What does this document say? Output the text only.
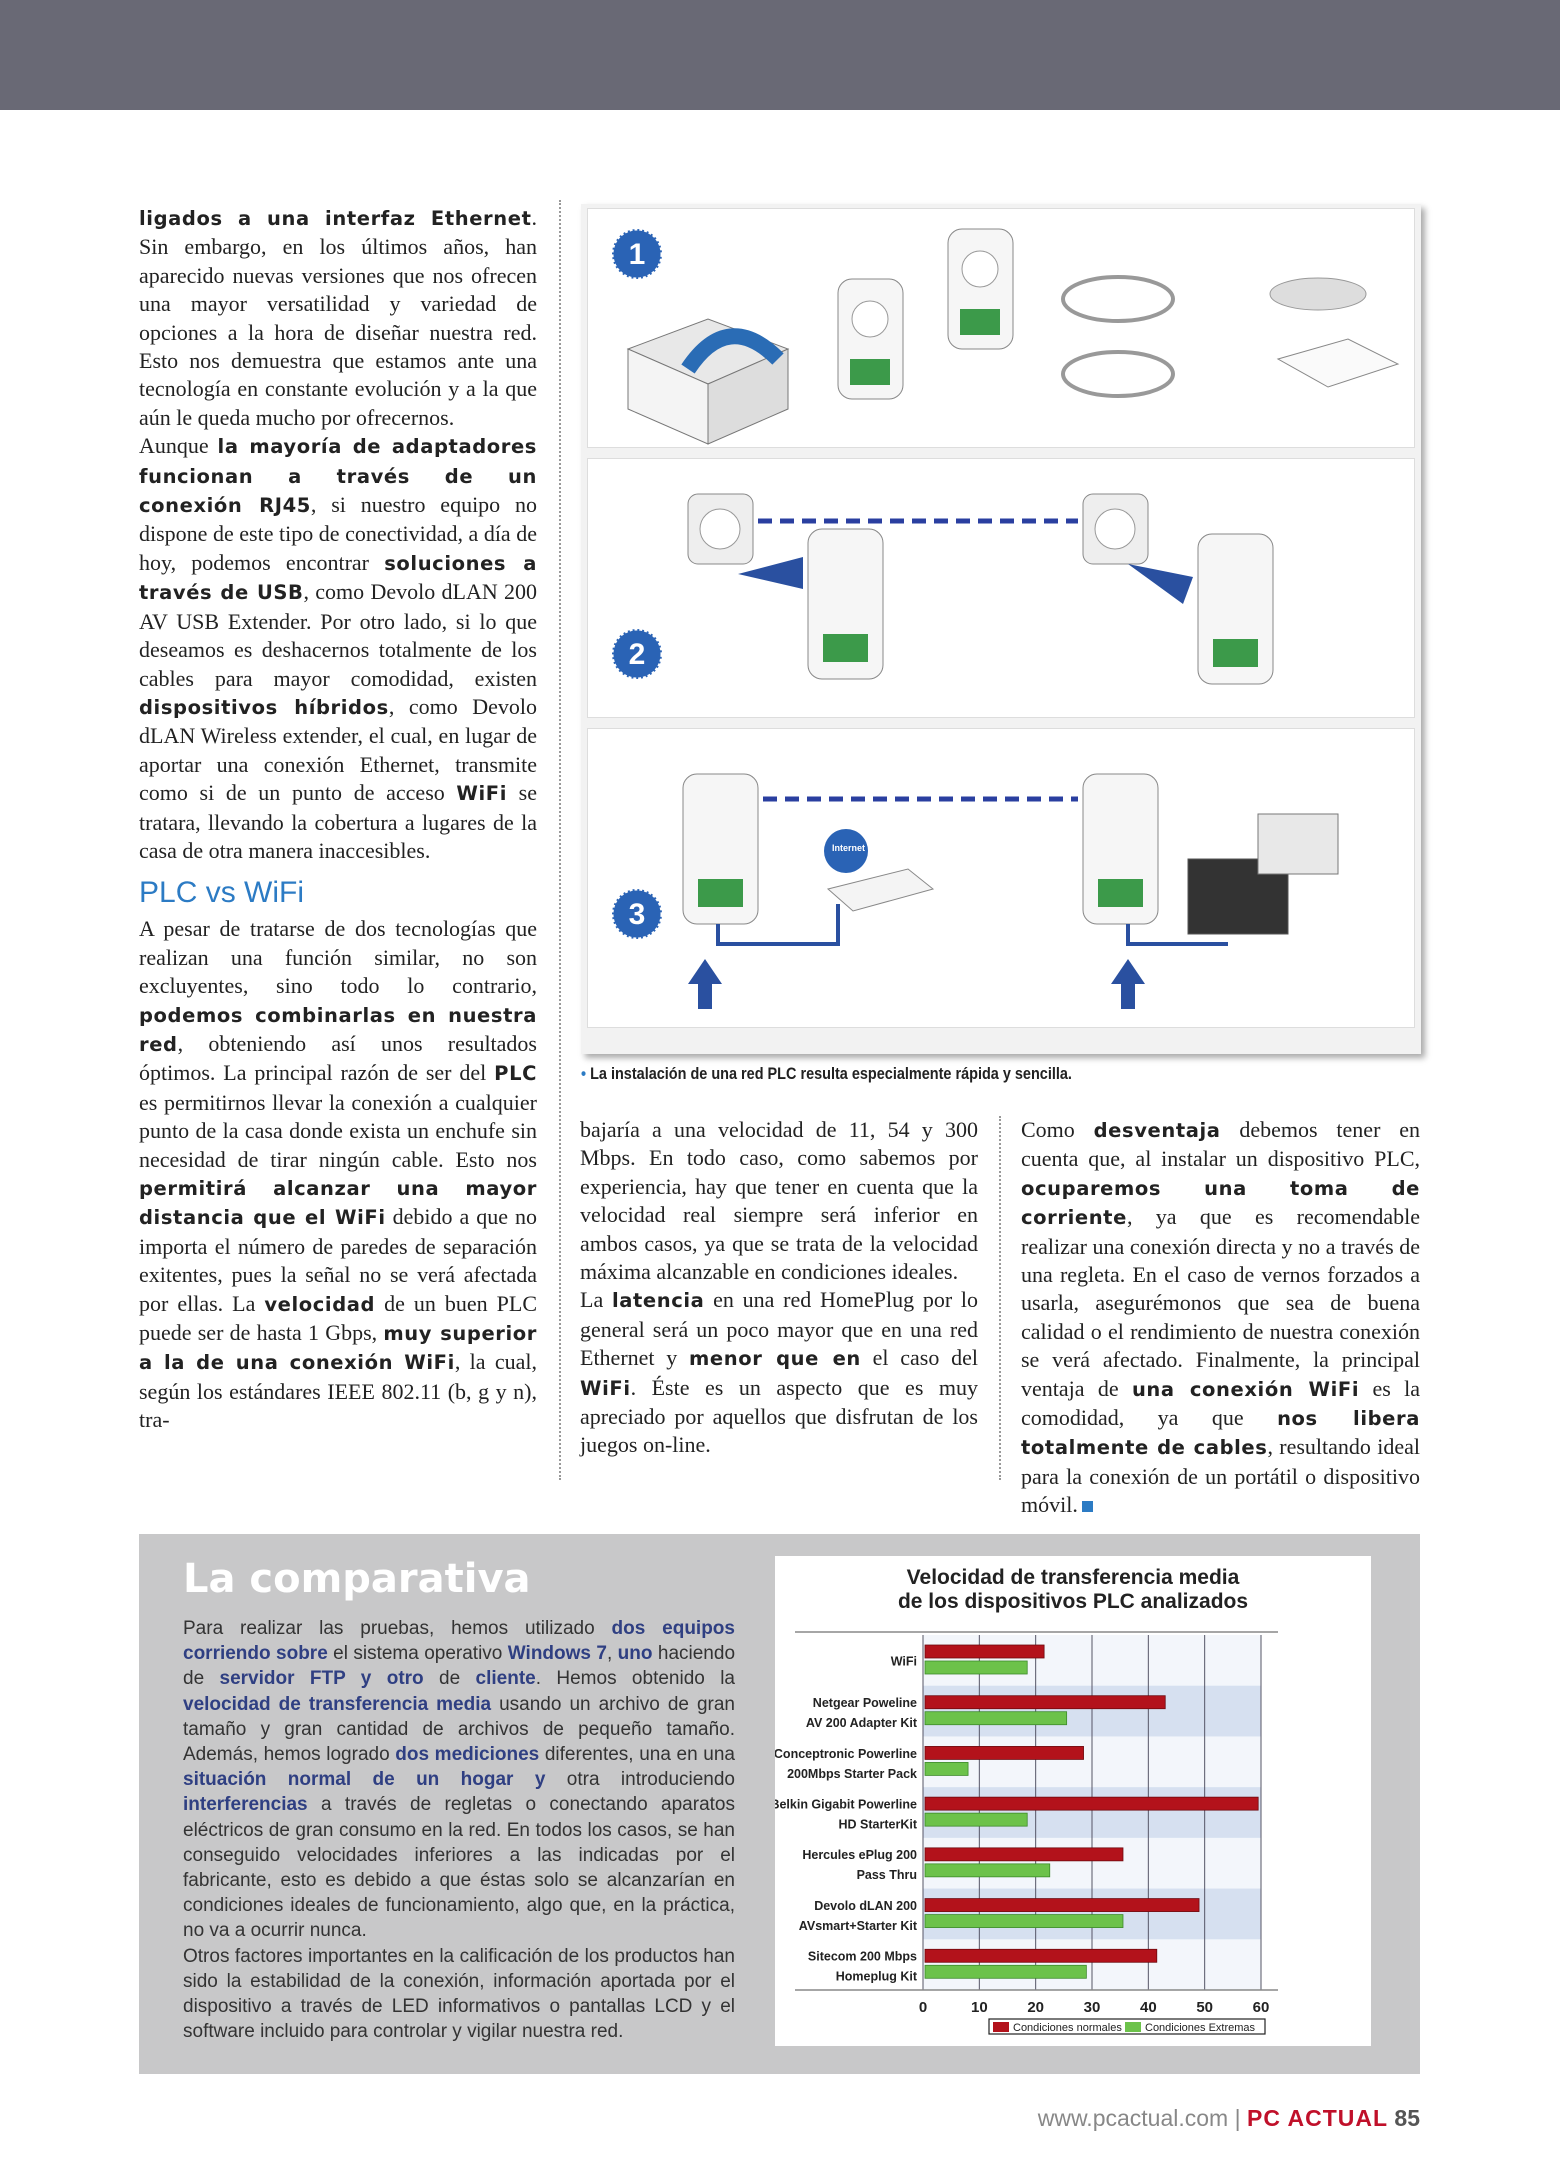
ligados a una interfaz Ethernet. Sin embargo, en los últimos años, han aparecido nuevas versiones que nos ofrecen una mayor versatilidad y variedad de opciones a la hora de diseñar nuestra red. Esto nos demuestra que estamos ante una tecnología en constante evolución y a la que aún le queda mucho por ofrecernos.

Aunque la mayoría de adaptadores funcionan a través de un conexión RJ45, si nuestro equipo no dispone de este tipo de conectividad, a día de hoy, podemos encontrar soluciones a través de USB, como Devolo dLAN 200 AV USB Extender. Por otro lado, si lo que deseamos es deshacernos totalmente de los cables para mayor comodidad, existen dispositivos híbridos, como Devolo dLAN Wireless extender, el cual, en lugar de aportar una conexión Ethernet, transmite como si de un punto de acceso WiFi se tratara, llevando la cobertura a lugares de la casa de otra manera inaccesibles.

PLC vs WiFi

A pesar de tratarse de dos tecnologías que realizan una función similar, no son excluyentes, sino todo lo contrario, podemos combinarlas en nuestra red, obteniendo así unos resultados óptimos. La principal razón de ser del PLC es permitirnos llevar la conexión a cualquier punto de la casa donde exista un enchufe sin necesidad de tirar ningún cable. Esto nos permitirá alcanzar una mayor distancia que el WiFi debido a que no importa el número de paredes de separación exitentes, pues la señal no se verá afectada por ellas. La velocidad de un buen PLC puede ser de hasta 1 Gbps, muy superior a la de una conexión WiFi, la cual, según los estándares IEEE 802.11 (b, g y n), tra-

Internet
1
2
3
• La instalación de una red PLC resulta especialmente rápida y sencilla.

bajaría a una velocidad de 11, 54 y 300 Mbps. En todo caso, como sabemos por experiencia, hay que tener en cuenta que la velocidad real siempre será inferior en ambos casos, ya que se trata de la velocidad máxima alcanzable en condiciones ideales.

La latencia en una red HomePlug por lo general será un poco mayor que en una red Ethernet y menor que en el caso del WiFi. Éste es un aspecto que es muy apreciado por aquellos que disfrutan de los juegos on-line.

Como desventaja debemos tener en cuenta que, al instalar un dispositivo PLC, ocuparemos una toma de corriente, ya que es recomendable realizar una conexión directa y no a través de una regleta. En el caso de vernos forzados a usarla, asegurémonos que sea de buena calidad o el rendimiento de nuestra conexión se verá afectado. Finalmente, la principal ventaja de una conexión WiFi es la comodidad, ya que nos libera totalmente de cables, resultando ideal para la conexión de un portátil o dispositivo móvil.

La comparativa

Para realizar las pruebas, hemos utilizado dos equipos corriendo sobre el sistema operativo Windows 7, uno haciendo de servidor FTP y otro de cliente. Hemos obtenido la velocidad de transferencia media usando un archivo de gran tamaño y gran cantidad de archivos de pequeño tamaño. Además, hemos logrado dos mediciones diferentes, una en una situación normal de un hogar y otra introduciendo interferencias a través de regletas o conectando aparatos eléctricos de gran consumo en la red. En todos los casos, se han conseguido velocidades inferiores a las indicadas por el fabricante, esto es debido a que éstas solo se alcanzarían en condiciones ideales de funcionamiento, algo que, en la práctica, no va a ocurrir nunca.

Otros factores importantes en la calificación de los productos han sido la estabilidad de la conexión, información aportada por el dispositivo a través de LED informativos o pantallas LCD y el software incluido para controlar y vigilar nuestra red.

Velocidad de transferencia media
de los dispositivos PLC analizados
0	10	20	30	40	50	60
WiFi
Netgear Poweline
AV 200 Adapter Kit
Conceptronic Powerline
200Mbps Starter Pack
Belkin Gigabit Powerline
HD StarterKit
Hercules ePlug 200
Pass Thru
Devolo dLAN 200
AVsmart+Starter Kit
Sitecom 200 Mbps
Homeplug Kit
Condiciones normales Condiciones Extremas
www.pcactual.com | PC ACTUAL 85
